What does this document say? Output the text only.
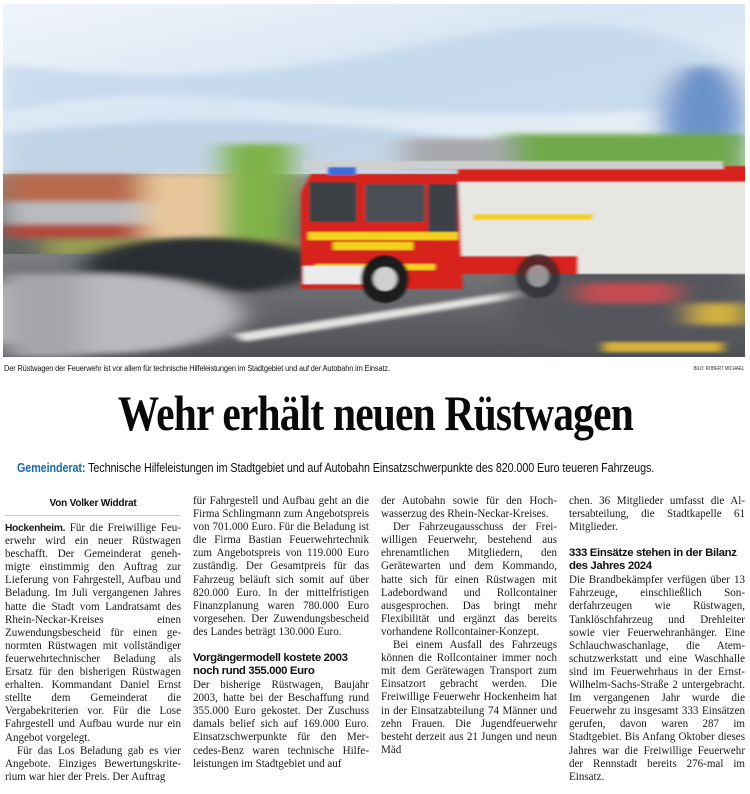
Der Rüstwagen der Feuerwehr ist vor allem für technische Hilfeleistungen im Stadtgebiet und auf der Autobahn im Einsatz.	BILD: ROBERT MICHAEL
Wehr erhält neuen Rüstwagen
Gemeinderat: Technische Hilfeleistungen im Stadtgebiet und auf Autobahn Einsatzschwerpunkte des 820.000 Euro teueren Fahrzeugs.
Von Volker Widdrat

Hockenheim. Für die Freiwillige Feuerwehr wird ein neuer Rüstwagen beschafft. Der Gemeinderat genehmigte einstimmig den Auftrag zur Lieferung von Fahrgestell, Aufbau und Beladung. Im Juli vergangenen Jahres hatte die Stadt vom Landratsamt des Rhein-Neckar-Kreises einen Zuwendungsbescheid für einen genormten Rüstwagen mit vollständiger feuerwehrtechnischer Beladung als Ersatz für den bisherigen Rüstwagen erhalten. Kommandant Daniel Ernst stellte dem Gemeinderat die Vergabekriterien vor. Für die Lose Fahrgestell und Aufbau wurde nur ein Angebot vorgelegt.

Für das Los Beladung gab es vier Angebote. Einziges Bewertungskriterium war hier der Preis. Der Auftrag

für Fahrgestell und Aufbau geht an die Firma Schlingmann zum Angebotspreis von 701.000 Euro. Für die Beladung ist die Firma Bastian Feuerwehrtechnik zum Angebotspreis von 119.000 Euro zuständig. Der Gesamtpreis für das Fahrzeug beläuft sich somit auf über 820.000 Euro. In der mittelfristigen Finanzplanung waren 780.000 Euro vorgesehen. Der Zuwendungsbescheid des Landes beträgt 130.000 Euro.

Vorgängermodell kostete 2003 noch rund 355.000 Euro

Der bisherige Rüstwagen, Baujahr 2003, hatte bei der Beschaffung rund 355.000 Euro gekostet. Der Zuschuss damals belief sich auf 169.000 Euro. Einsatzschwerpunkte für den Mercedes-Benz waren technische Hilfeleistungen im Stadtgebiet und auf

der Autobahn sowie für den Hochwasserzug des Rhein-Neckar-Kreises.

Der Fahrzeugausschuss der Freiwilligen Feuerwehr, bestehend aus ehrenamtlichen Mitgliedern, den Gerätewarten und dem Kommando, hatte sich für einen Rüstwagen mit Ladebordwand und Rollcontainer ausgesprochen. Das bringt mehr Flexibilität und ergänzt das bereits vorhandene Rollcontainer-Konzept.

Bei einem Ausfall des Fahrzeugs können die Rollcontainer immer noch mit dem Gerätewagen Transport zum Einsatzort gebracht werden. Die Freiwillige Feuerwehr Hockenheim hat in der Einsatzabteilung 74 Männer und zehn Frauen. Die Jugendfeuerwehr besteht derzeit aus 21 Jungen und neun Mäd

chen. 36 Mitglieder umfasst die Altersabteilung, die Stadtkapelle 61 Mitglieder.

333 Einsätze stehen in der Bilanz des Jahres 2024

Die Brandbekämpfer verfügen über 13 Fahrzeuge, einschließlich Sonderfahrzeugen wie Rüstwagen, Tanklöschfahrzeug und Drehleiter sowie vier Feuerwehranhänger. Eine Schlauchwaschanlage, die Atemschutzwerkstatt und eine Waschhalle sind im Feuerwehrhaus in der Ernst-Wilhelm-Sachs-Straße 2 untergebracht. Im vergangenen Jahr wurde die Feuerwehr zu insgesamt 333 Einsätzen gerufen, davon waren 287 im Stadtgebiet. Bis Anfang Oktober dieses Jahres war die Freiwillige Feuerwehr der Rennstadt bereits 276-mal im Einsatz.
